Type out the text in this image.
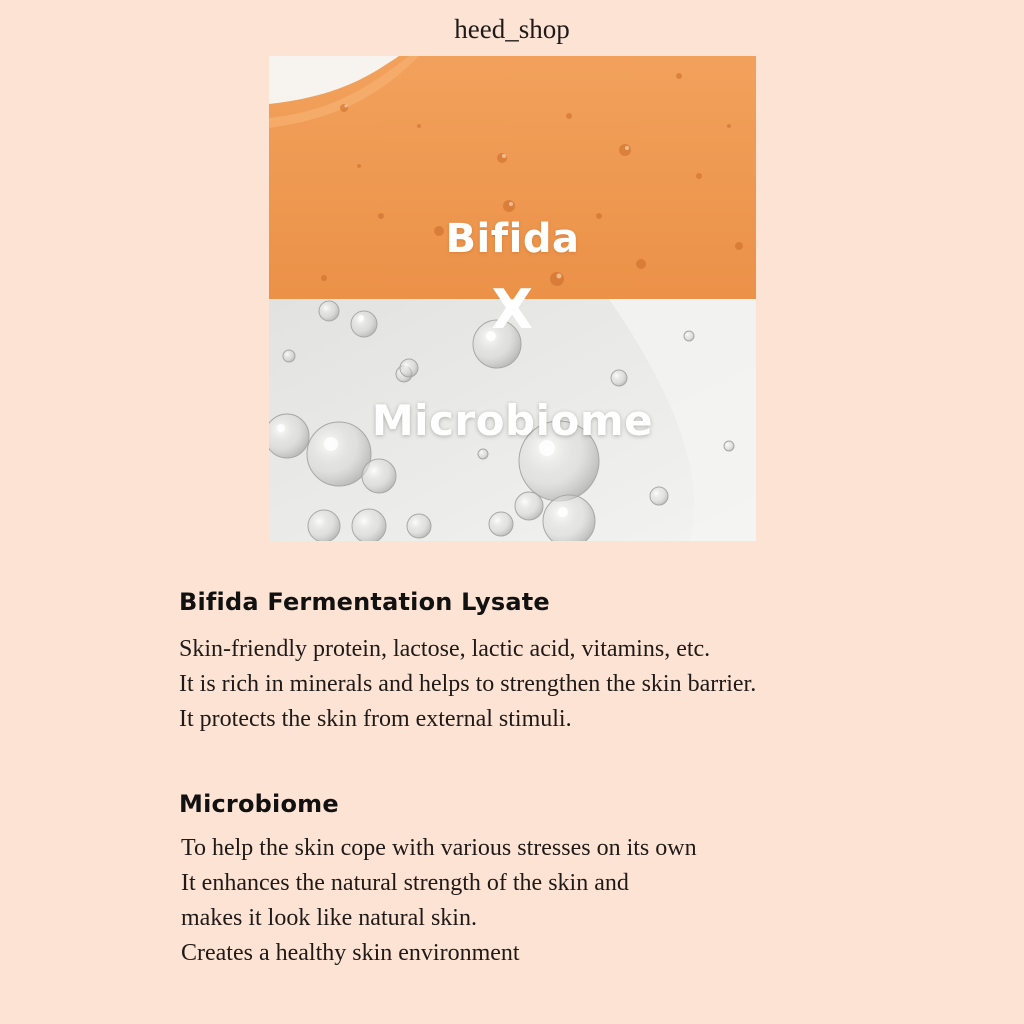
heed_shop
Bifida
X
Microbiome
Bifida Fermentation Lysate
Skin-friendly protein, lactose, lactic acid, vitamins, etc.
It is rich in minerals and helps to strengthen the skin barrier.
It protects the skin from external stimuli.
Microbiome
To help the skin cope with various stresses on its own
It enhances the natural strength of the skin and
makes it look like natural skin.
Creates a healthy skin environment
